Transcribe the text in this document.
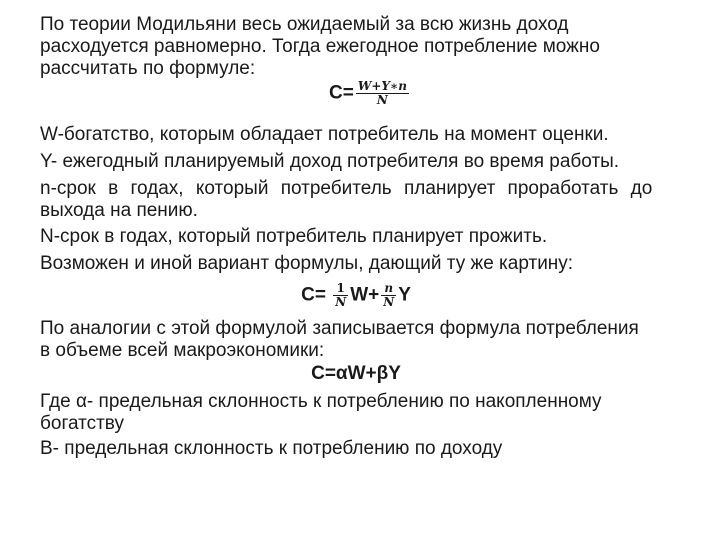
По теории Модильяни весь ожидаемый за всю жизнь доход
расходуется равномерно. Тогда ежегодное потребление можно
рассчитать по формуле:
$C= \frac{W+Y∗n}{N}$

W-богатство, которым обладает потребитель на момент оценки.

Y- ежегодный планируемый доход потребителя во время работы.

n-срок в годах, который потребитель планирует проработать до
выхода на пению.

N-срок в годах, который потребитель планирует прожить.

Возможен и иной вариант формулы, дающий ту же картину:

$C= \frac{1}{N} W+ \frac{n}{N}$ Y
По аналогии с этой формулой записывается формула потребления
в объеме всей макроэкономики:
C=αW+βY
Где α- предельная склонность к потреблению по накопленному
богатству

В- предельная склонность к потреблению по доходу
